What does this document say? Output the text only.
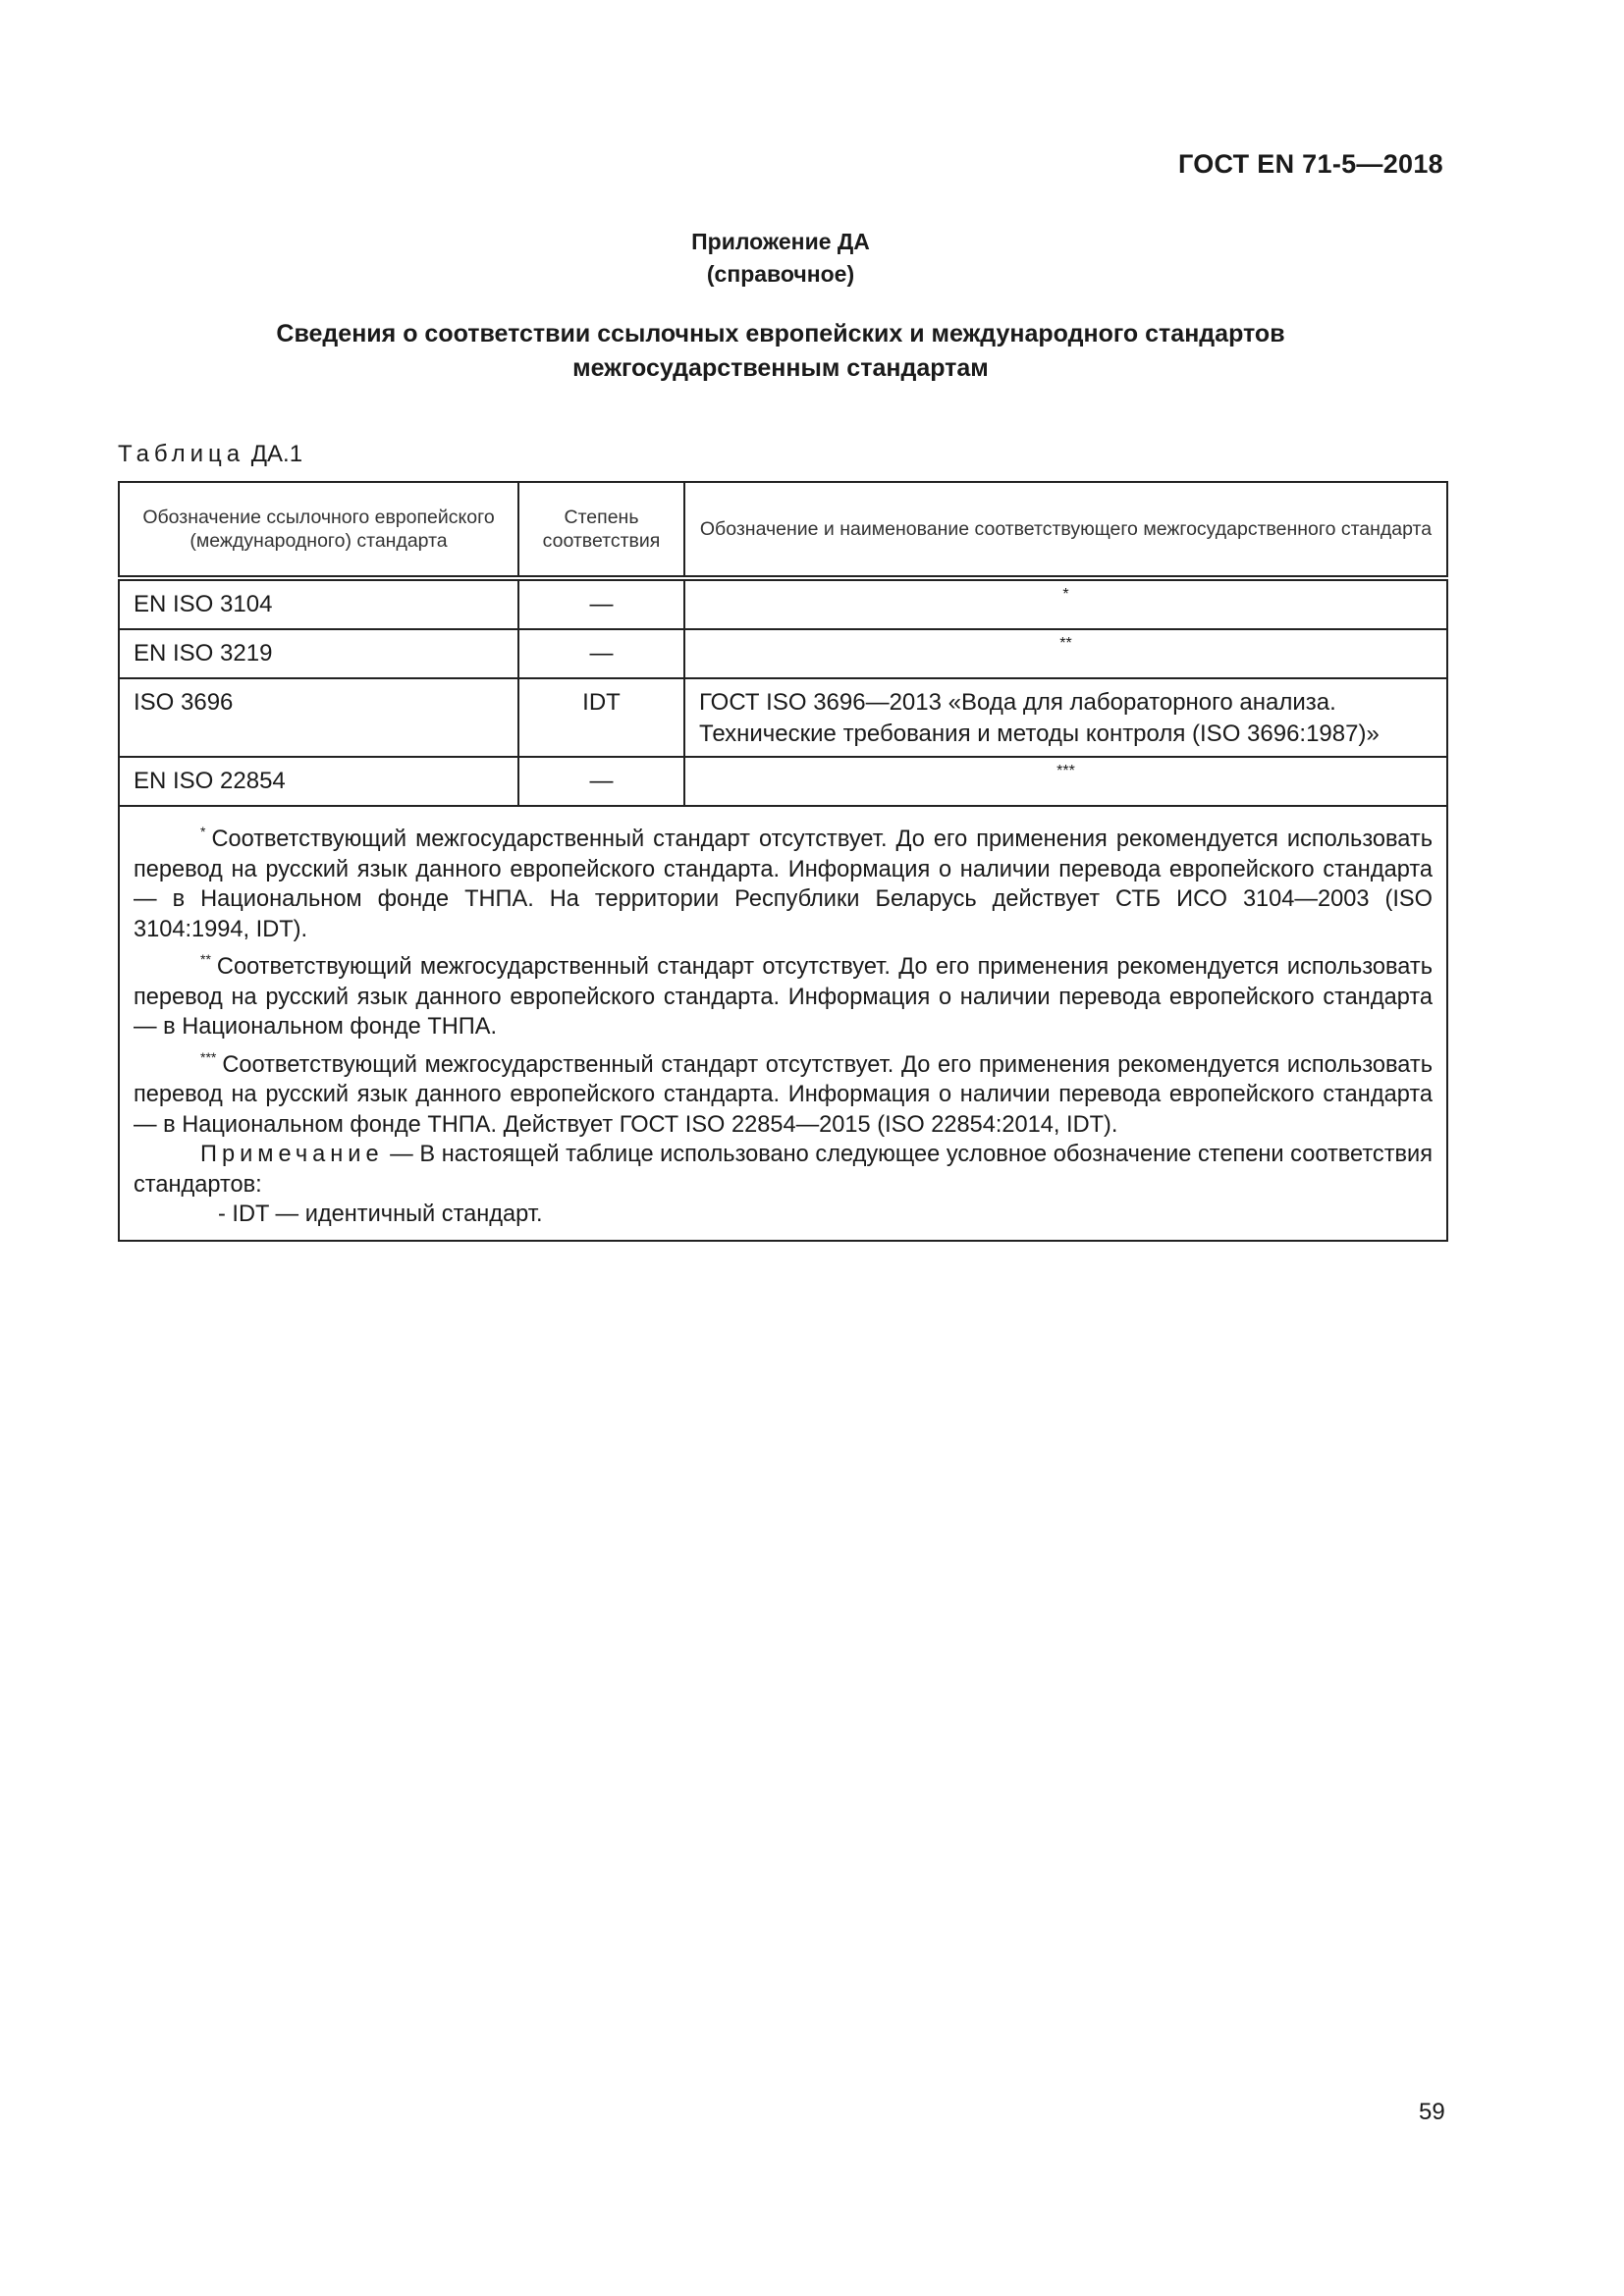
ГОСТ EN 71-5—2018
Приложение ДА
(справочное)
Сведения о соответствии ссылочных европейских и международного стандартов
межгосударственным стандартам
Таблица ДА.1
Обозначение ссылочного европейского (международного) стандарта	Степень соответствия	Обозначение и наименование соответствующего межгосударственного стандарта
EN ISO 3104	—	*
EN ISO 3219	—	**
ISO 3696	IDT	ГОСТ ISO 3696—2013 «Вода для лабораторного анализа. Технические требования и методы контроля (ISO 3696:1987)»
EN ISO 22854	—	***

* Соответствующий межгосударственный стандарт отсутствует. До его применения рекомендуется использовать перевод на русский язык данного европейского стандарта. Информация о наличии перевода европейского стандарта — в Национальном фонде ТНПА. На территории Республики Беларусь действует СТБ ИСО 3104—2003 (ISO 3104:1994, IDT).

** Соответствующий межгосударственный стандарт отсутствует. До его применения рекомендуется использовать перевод на русский язык данного европейского стандарта. Информация о наличии перевода европейского стандарта — в Национальном фонде ТНПА.

*** Соответствующий межгосударственный стандарт отсутствует. До его применения рекомендуется использовать перевод на русский язык данного европейского стандарта. Информация о наличии перевода европейского стандарта — в Национальном фонде ТНПА. Действует ГОСТ ISO 22854—2015 (ISO 22854:2014, IDT).

Примечание — В настоящей таблице использовано следующее условное обозначение степени соответствия стандартов:

- IDT — идентичный стандарт.		

59
